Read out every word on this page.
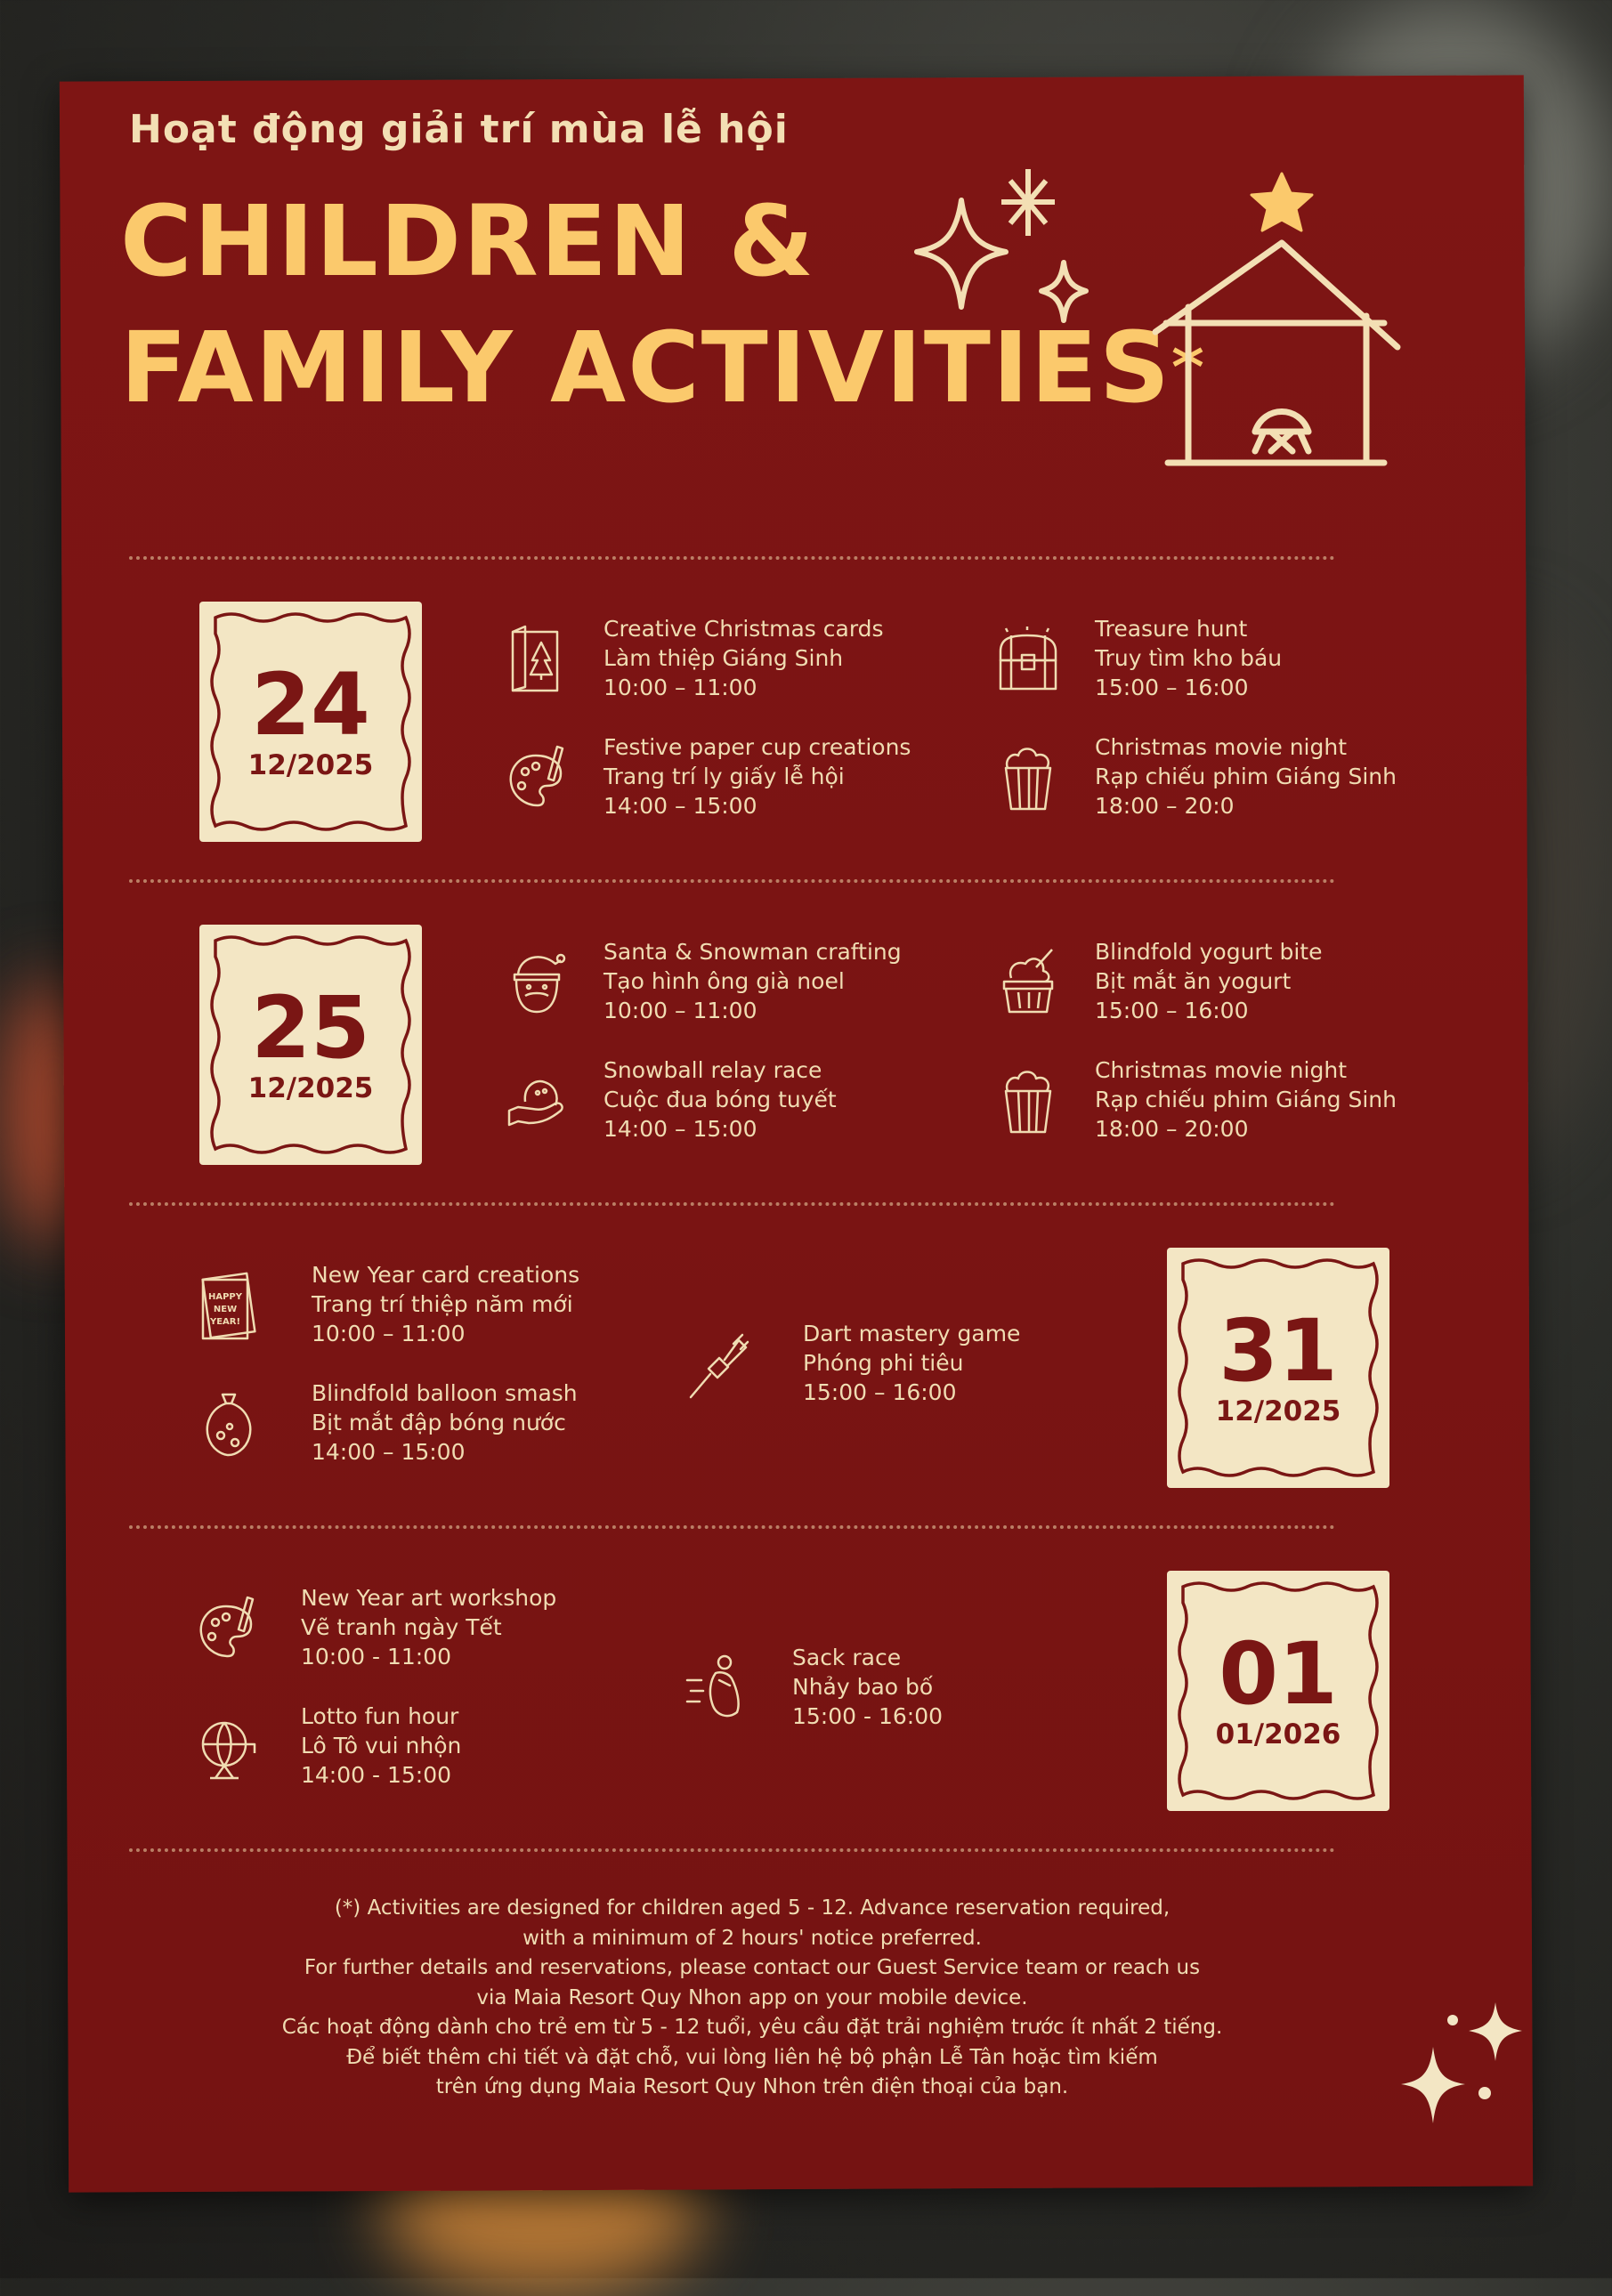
Hoạt động giải trí mùa lễ hội
CHILDREN &
FAMILY ACTIVITIES*
24
12/2025
25
12/2025
31
12/2025
01
01/2026
Creative Christmas cards
Làm thiệp Giáng Sinh
10:00 – 11:00
Festive paper cup creations
Trang trí ly giấy lễ hội
14:00 – 15:00
Treasure hunt
Truy tìm kho báu
15:00 – 16:00
Christmas movie night
Rạp chiếu phim Giáng Sinh
18:00 – 20:0
Santa & Snowman crafting
Tạo hình ông già noel
10:00 – 11:00
Snowball relay race
Cuộc đua bóng tuyết
14:00 – 15:00
Blindfold yogurt bite
Bịt mắt ăn yogurt
15:00 – 16:00
Christmas movie night
Rạp chiếu phim Giáng Sinh
18:00 – 20:00
HAPPY
NEW
YEAR!
New Year card creations
Trang trí thiệp năm mới
10:00 – 11:00
Blindfold balloon smash
Bịt mắt đập bóng nước
14:00 – 15:00
Dart mastery game
Phóng phi tiêu
15:00 – 16:00
New Year art workshop
Vẽ tranh ngày Tết
10:00 - 11:00
Lotto fun hour
Lô Tô vui nhộn
14:00 - 15:00
Sack race
Nhảy bao bố
15:00 - 16:00
(*) Activities are designed for children aged 5 - 12. Advance reservation required,
with a minimum of 2 hours' notice preferred.
For further details and reservations, please contact our Guest Service team or reach us
via Maia Resort Quy Nhon app on your mobile device.
Các hoạt động dành cho trẻ em từ 5 - 12 tuổi, yêu cầu đặt trải nghiệm trước ít nhất 2 tiếng.
Để biết thêm chi tiết và đặt chỗ, vui lòng liên hệ bộ phận Lễ Tân hoặc tìm kiếm
trên ứng dụng Maia Resort Quy Nhon trên điện thoại của bạn.
